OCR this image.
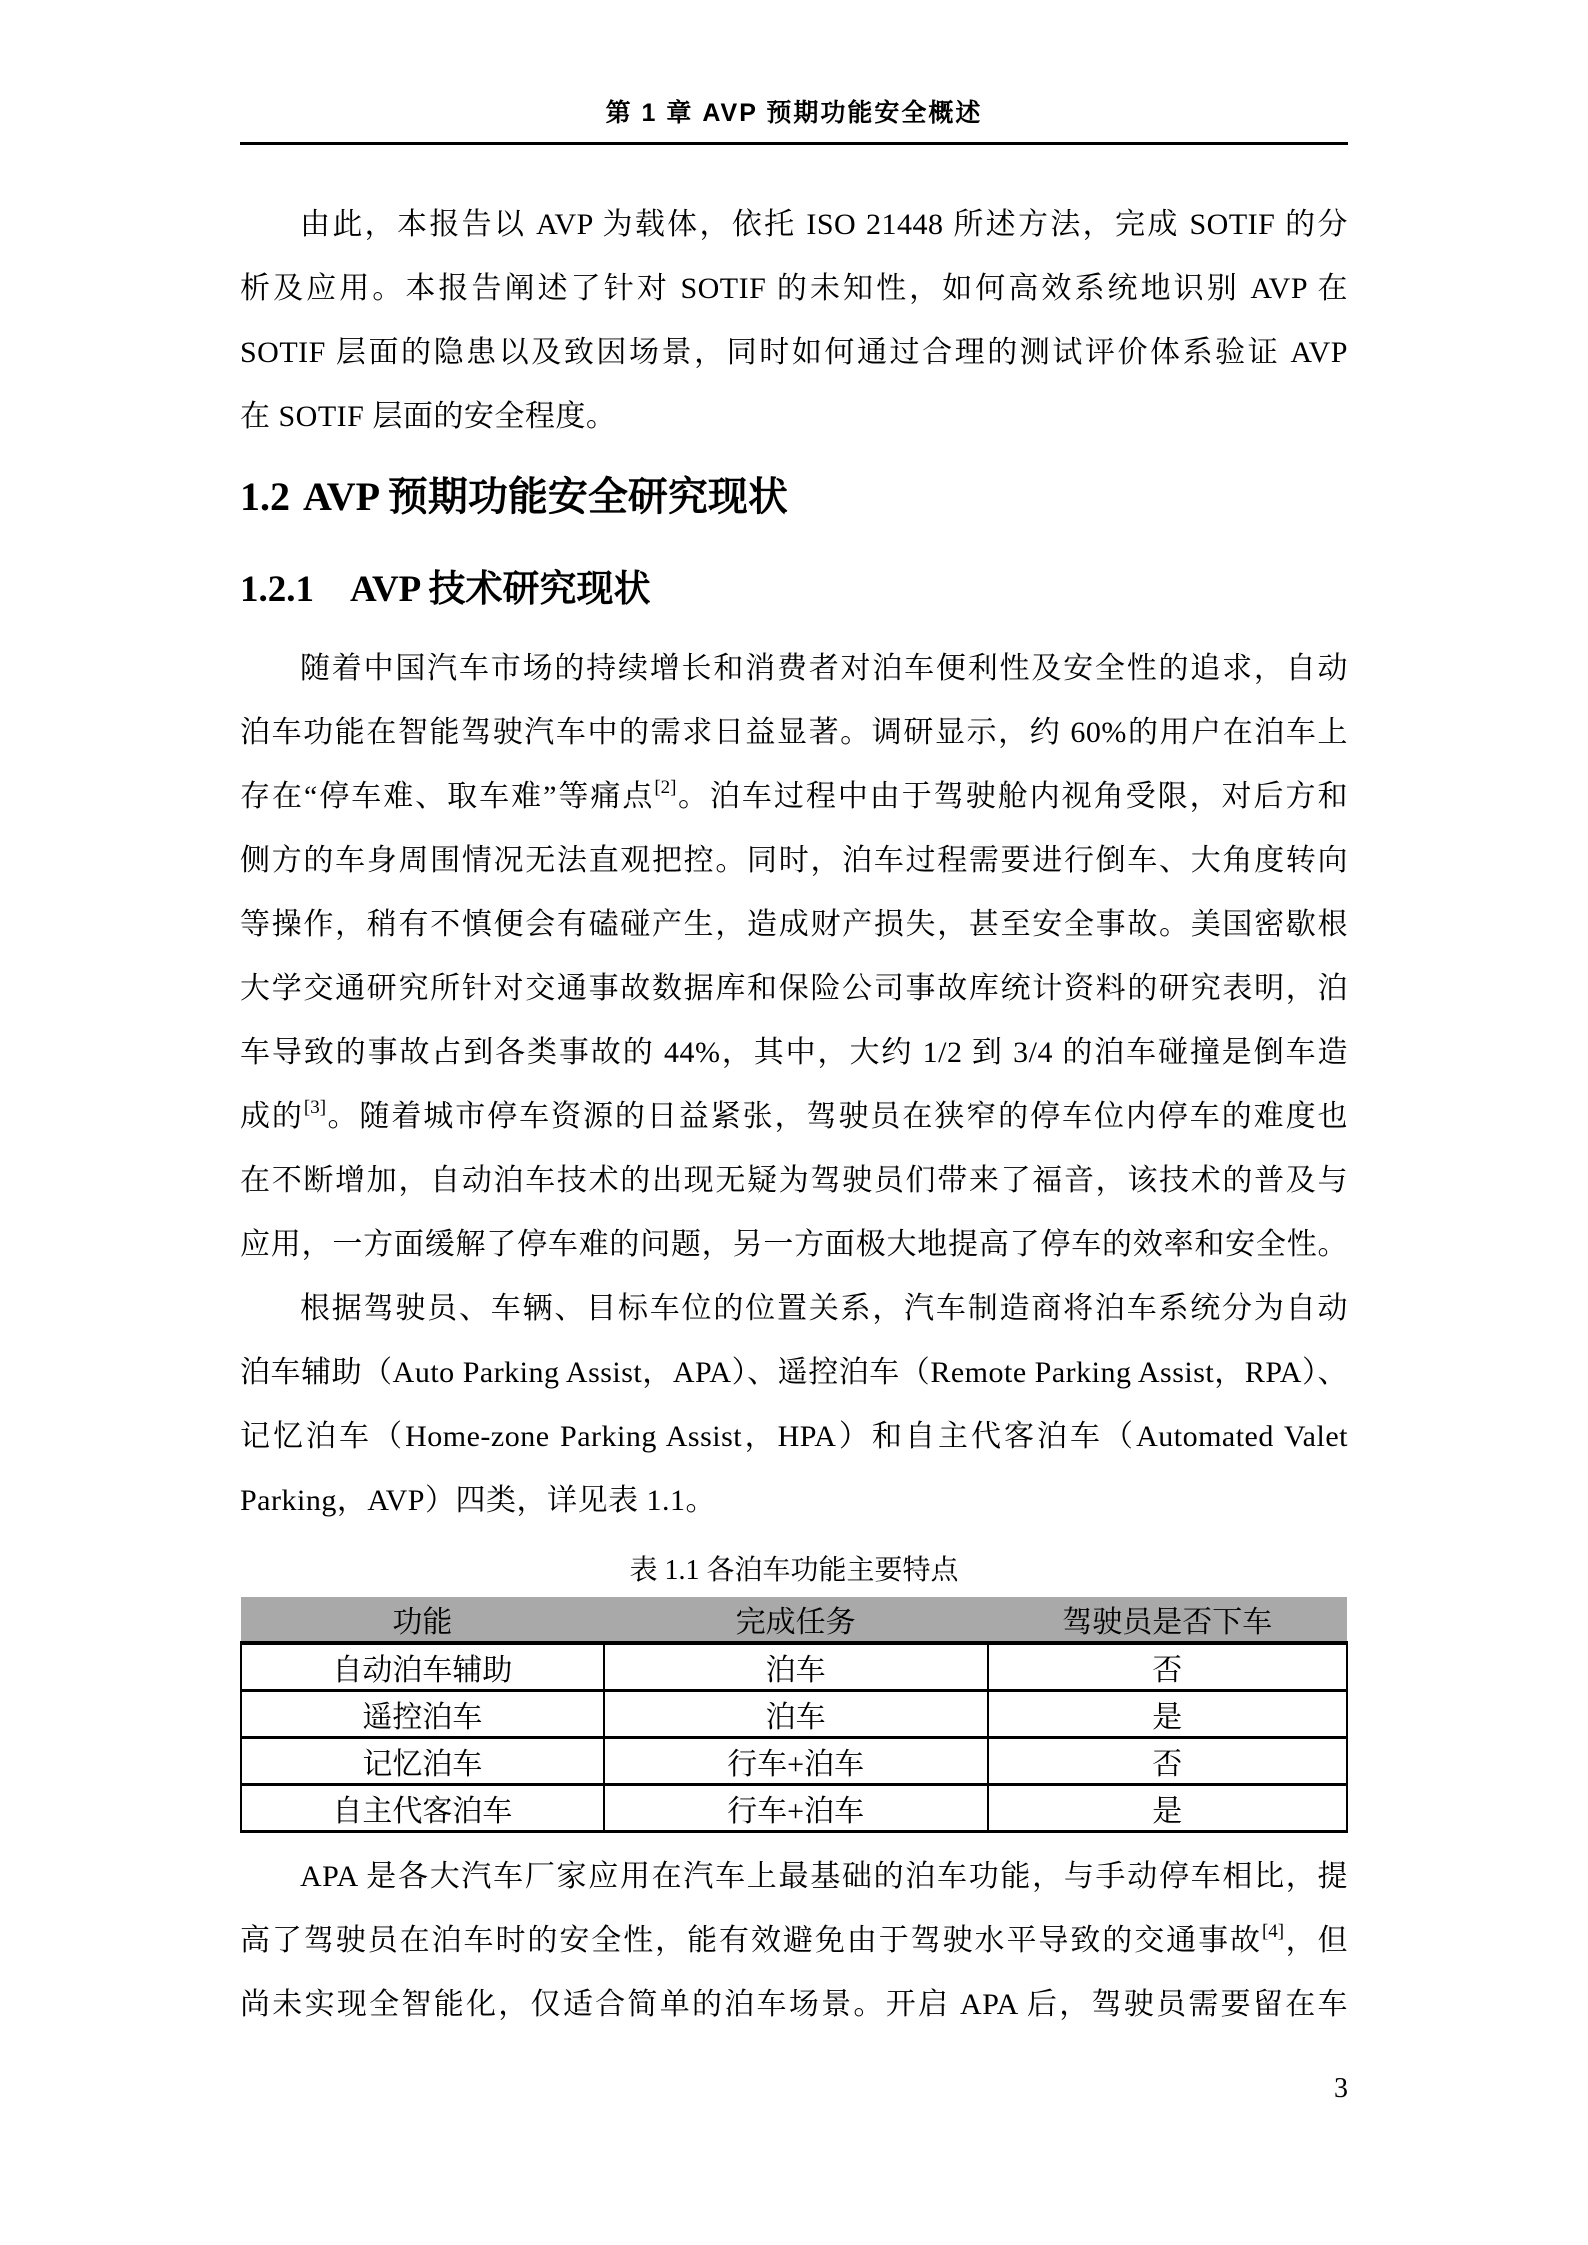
第 1 章 AVP 预期功能安全概述
由此，本报告以 AVP 为载体，依托 ISO 21448 所述方法，完成 SOTIF 的分
析及应用。本报告阐述了针对 SOTIF 的未知性，如何高效系统地识别 AVP 在
SOTIF 层面的隐患以及致因场景，同时如何通过合理的测试评价体系验证 AVP
在 SOTIF 层面的安全程度。
1.2 AVP 预期功能安全研究现状
1.2.1 AVP 技术研究现状
随着中国汽车市场的持续增长和消费者对泊车便利性及安全性的追求，自动
泊车功能在智能驾驶汽车中的需求日益显著。调研显示，约 60%的用户在泊车上
存在“停车难、取车难”等痛点[2]。泊车过程中由于驾驶舱内视角受限，对后方和
侧方的车身周围情况无法直观把控。同时，泊车过程需要进行倒车、大角度转向
等操作，稍有不慎便会有磕碰产生，造成财产损失，甚至安全事故。美国密歇根
大学交通研究所针对交通事故数据库和保险公司事故库统计资料的研究表明，泊
车导致的事故占到各类事故的 44%，其中，大约 1/2 到 3/4 的泊车碰撞是倒车造
成的[3]。随着城市停车资源的日益紧张，驾驶员在狭窄的停车位内停车的难度也
在不断增加，自动泊车技术的出现无疑为驾驶员们带来了福音，该技术的普及与
应用，一方面缓解了停车难的问题，另一方面极大地提高了停车的效率和安全性。
根据驾驶员、车辆、目标车位的位置关系，汽车制造商将泊车系统分为自动
泊车辅助（Auto Parking Assist，APA）、遥控泊车（Remote Parking Assist，RPA）、
记忆泊车（Home-zone Parking Assist，HPA）和自主代客泊车（Automated Valet
Parking，AVP）四类，详见表 1.1。
表 1.1 各泊车功能主要特点
功能	完成任务	驾驶员是否下车
自动泊车辅助	泊车	否
遥控泊车	泊车	是
记忆泊车	行车+泊车	否
自主代客泊车	行车+泊车	是
APA 是各大汽车厂家应用在汽车上最基础的泊车功能，与手动停车相比，提
高了驾驶员在泊车时的安全性，能有效避免由于驾驶水平导致的交通事故[4]，但
尚未实现全智能化，仅适合简单的泊车场景。开启 APA 后，驾驶员需要留在车
3
